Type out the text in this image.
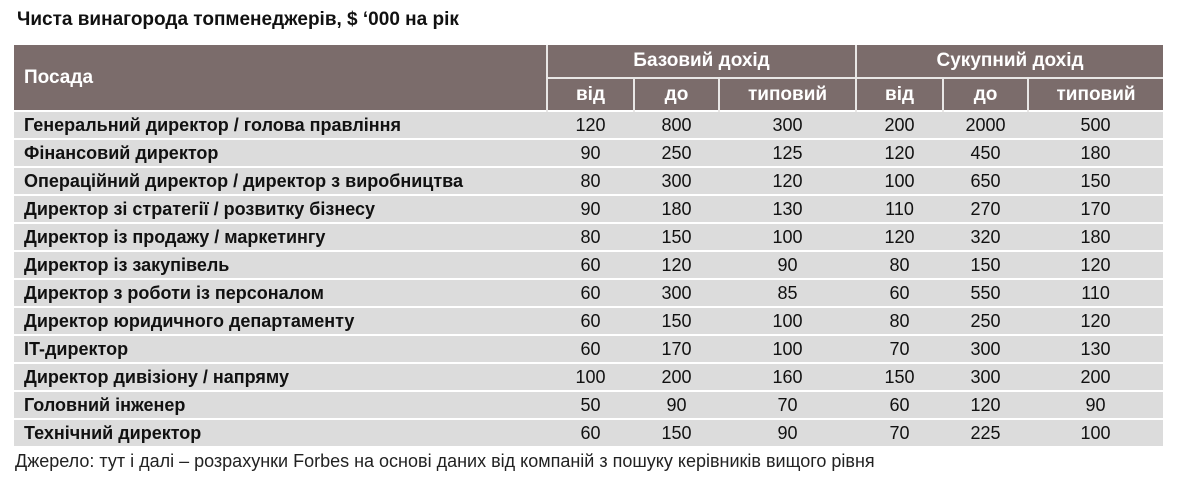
Чиста винагорода топменеджерів, $ ‘000 на рік
Посада	Базовий дохід			Сукупний дохід		
	від	до	типовий	від	до	типовий
Генеральний директор / голова правління	120	800	300	200	2000	500
Фінансовий директор	90	250	125	120	450	180
Операційний директор / директор з виробництва	80	300	120	100	650	150
Директор зі стратегії / розвитку бізнесу	90	180	130	110	270	170
Директор із продажу / маркетингу	80	150	100	120	320	180
Директор із закупівель	60	120	90	80	150	120
Директор з роботи із персоналом	60	300	85	60	550	110
Директор юридичного департаменту	60	150	100	80	250	120
IT-директор	60	170	100	70	300	130
Директор дивізіону / напряму	100	200	160	150	300	200
Головний інженер	50	90	70	60	120	90
Технічний директор	60	150	90	70	225	100
Джерело: тут і далі – розрахунки Forbes на основі даних від компаній з пошуку керівників вищого рівня
